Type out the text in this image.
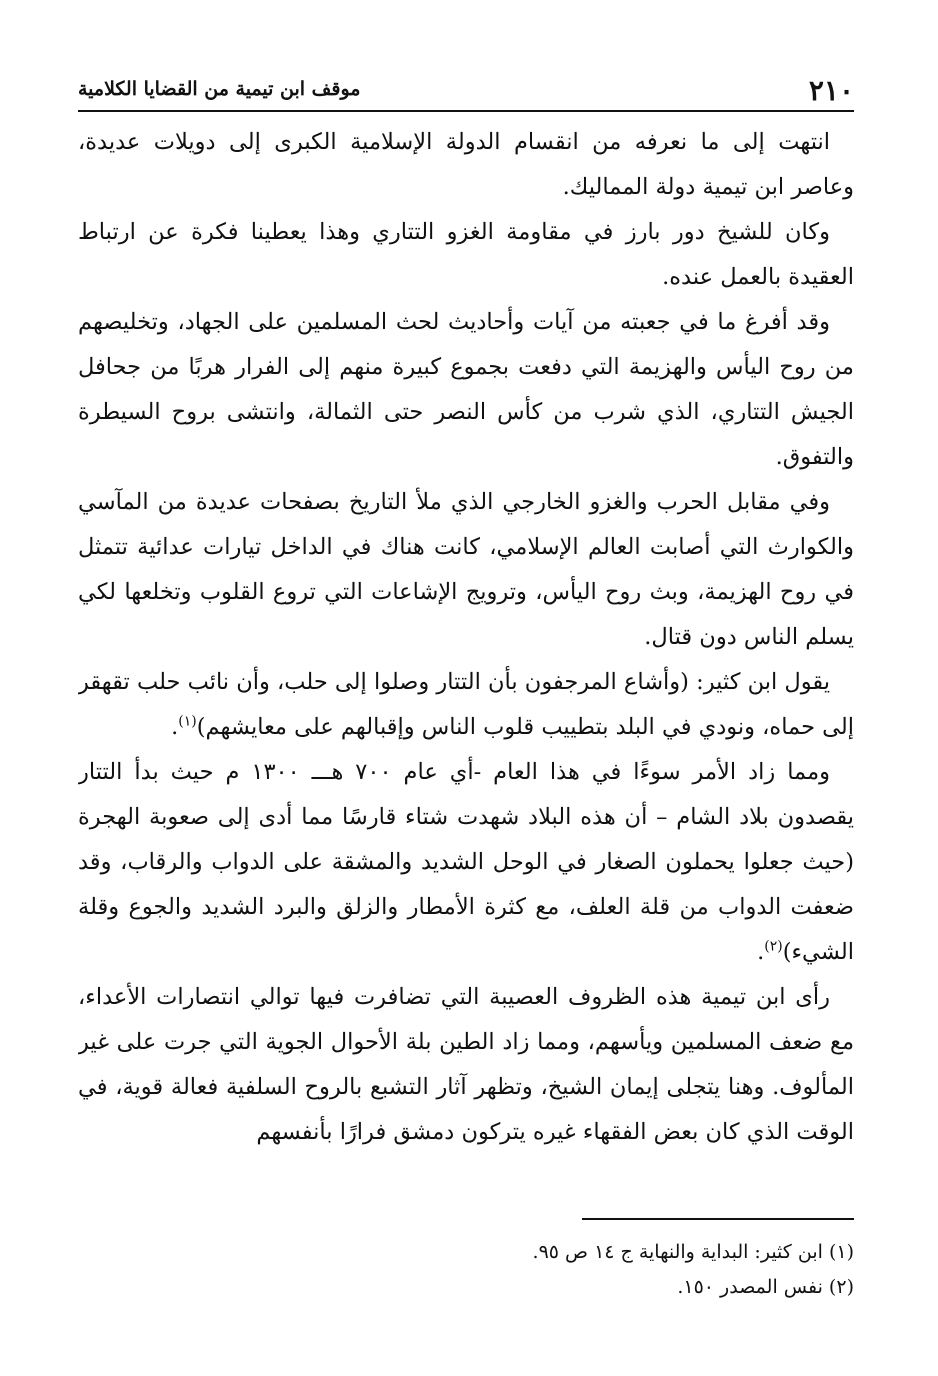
٢١٠
موقف ابن تيمية من القضايا الكلامية

انتهت إلى ما نعرفه من انقسام الدولة الإسلامية الكبرى إلى دويلات عديدة، وعاصر ابن تيمية دولة المماليك.

وكان للشيخ دور بارز في مقاومة الغزو التتاري وهذا يعطينا فكرة عن ارتباط العقيدة بالعمل عنده.

وقد أفرغ ما في جعبته من آيات وأحاديث لحث المسلمين على الجهاد، وتخليصهم من روح اليأس والهزيمة التي دفعت بجموع كبيرة منهم إلى الفرار هربًا من جحافل الجيش التتاري، الذي شرب من كأس النصر حتى الثمالة، وانتشى بروح السيطرة والتفوق.

وفي مقابل الحرب والغزو الخارجي الذي ملأ التاريخ بصفحات عديدة من المآسي والكوارث التي أصابت العالم الإسلامي، كانت هناك في الداخل تيارات عدائية تتمثل في روح الهزيمة، وبث روح اليأس، وترويج الإشاعات التي تروع القلوب وتخلعها لكي يسلم الناس دون قتال.

يقول ابن كثير: (وأشاع المرجفون بأن التتار وصلوا إلى حلب، وأن نائب حلب تقهقر إلى حماه، ونودي في البلد بتطييب قلوب الناس وإقبالهم على معايشهم)$^{(١)}$.

ومما زاد الأمر سوءًا في هذا العام -أي عام ٧٠٠ هـــ ١٣٠٠ م حيث بدأ التتار يقصدون بلاد الشام – أن هذه البلاد شهدت شتاء قارسًا مما أدى إلى صعوبة الهجرة (حيث جعلوا يحملون الصغار في الوحل الشديد والمشقة على الدواب والرقاب، وقد ضعفت الدواب من قلة العلف، مع كثرة الأمطار والزلق والبرد الشديد والجوع وقلة الشيء)$^{(٢)}$.

رأى ابن تيمية هذه الظروف العصيبة التي تضافرت فيها توالي انتصارات الأعداء، مع ضعف المسلمين ويأسهم، ومما زاد الطين بلة الأحوال الجوية التي جرت على غير المألوف. وهنا يتجلى إيمان الشيخ، وتظهر آثار التشبع بالروح السلفية فعالة قوية، في الوقت الذي كان بعض الفقهاء غيره يتركون دمشق فرارًا بأنفسهم

(١) ابن كثير: البداية والنهاية ج ١٤ ص ٩٥.

(٢) نفس المصدر ١٥٠.
